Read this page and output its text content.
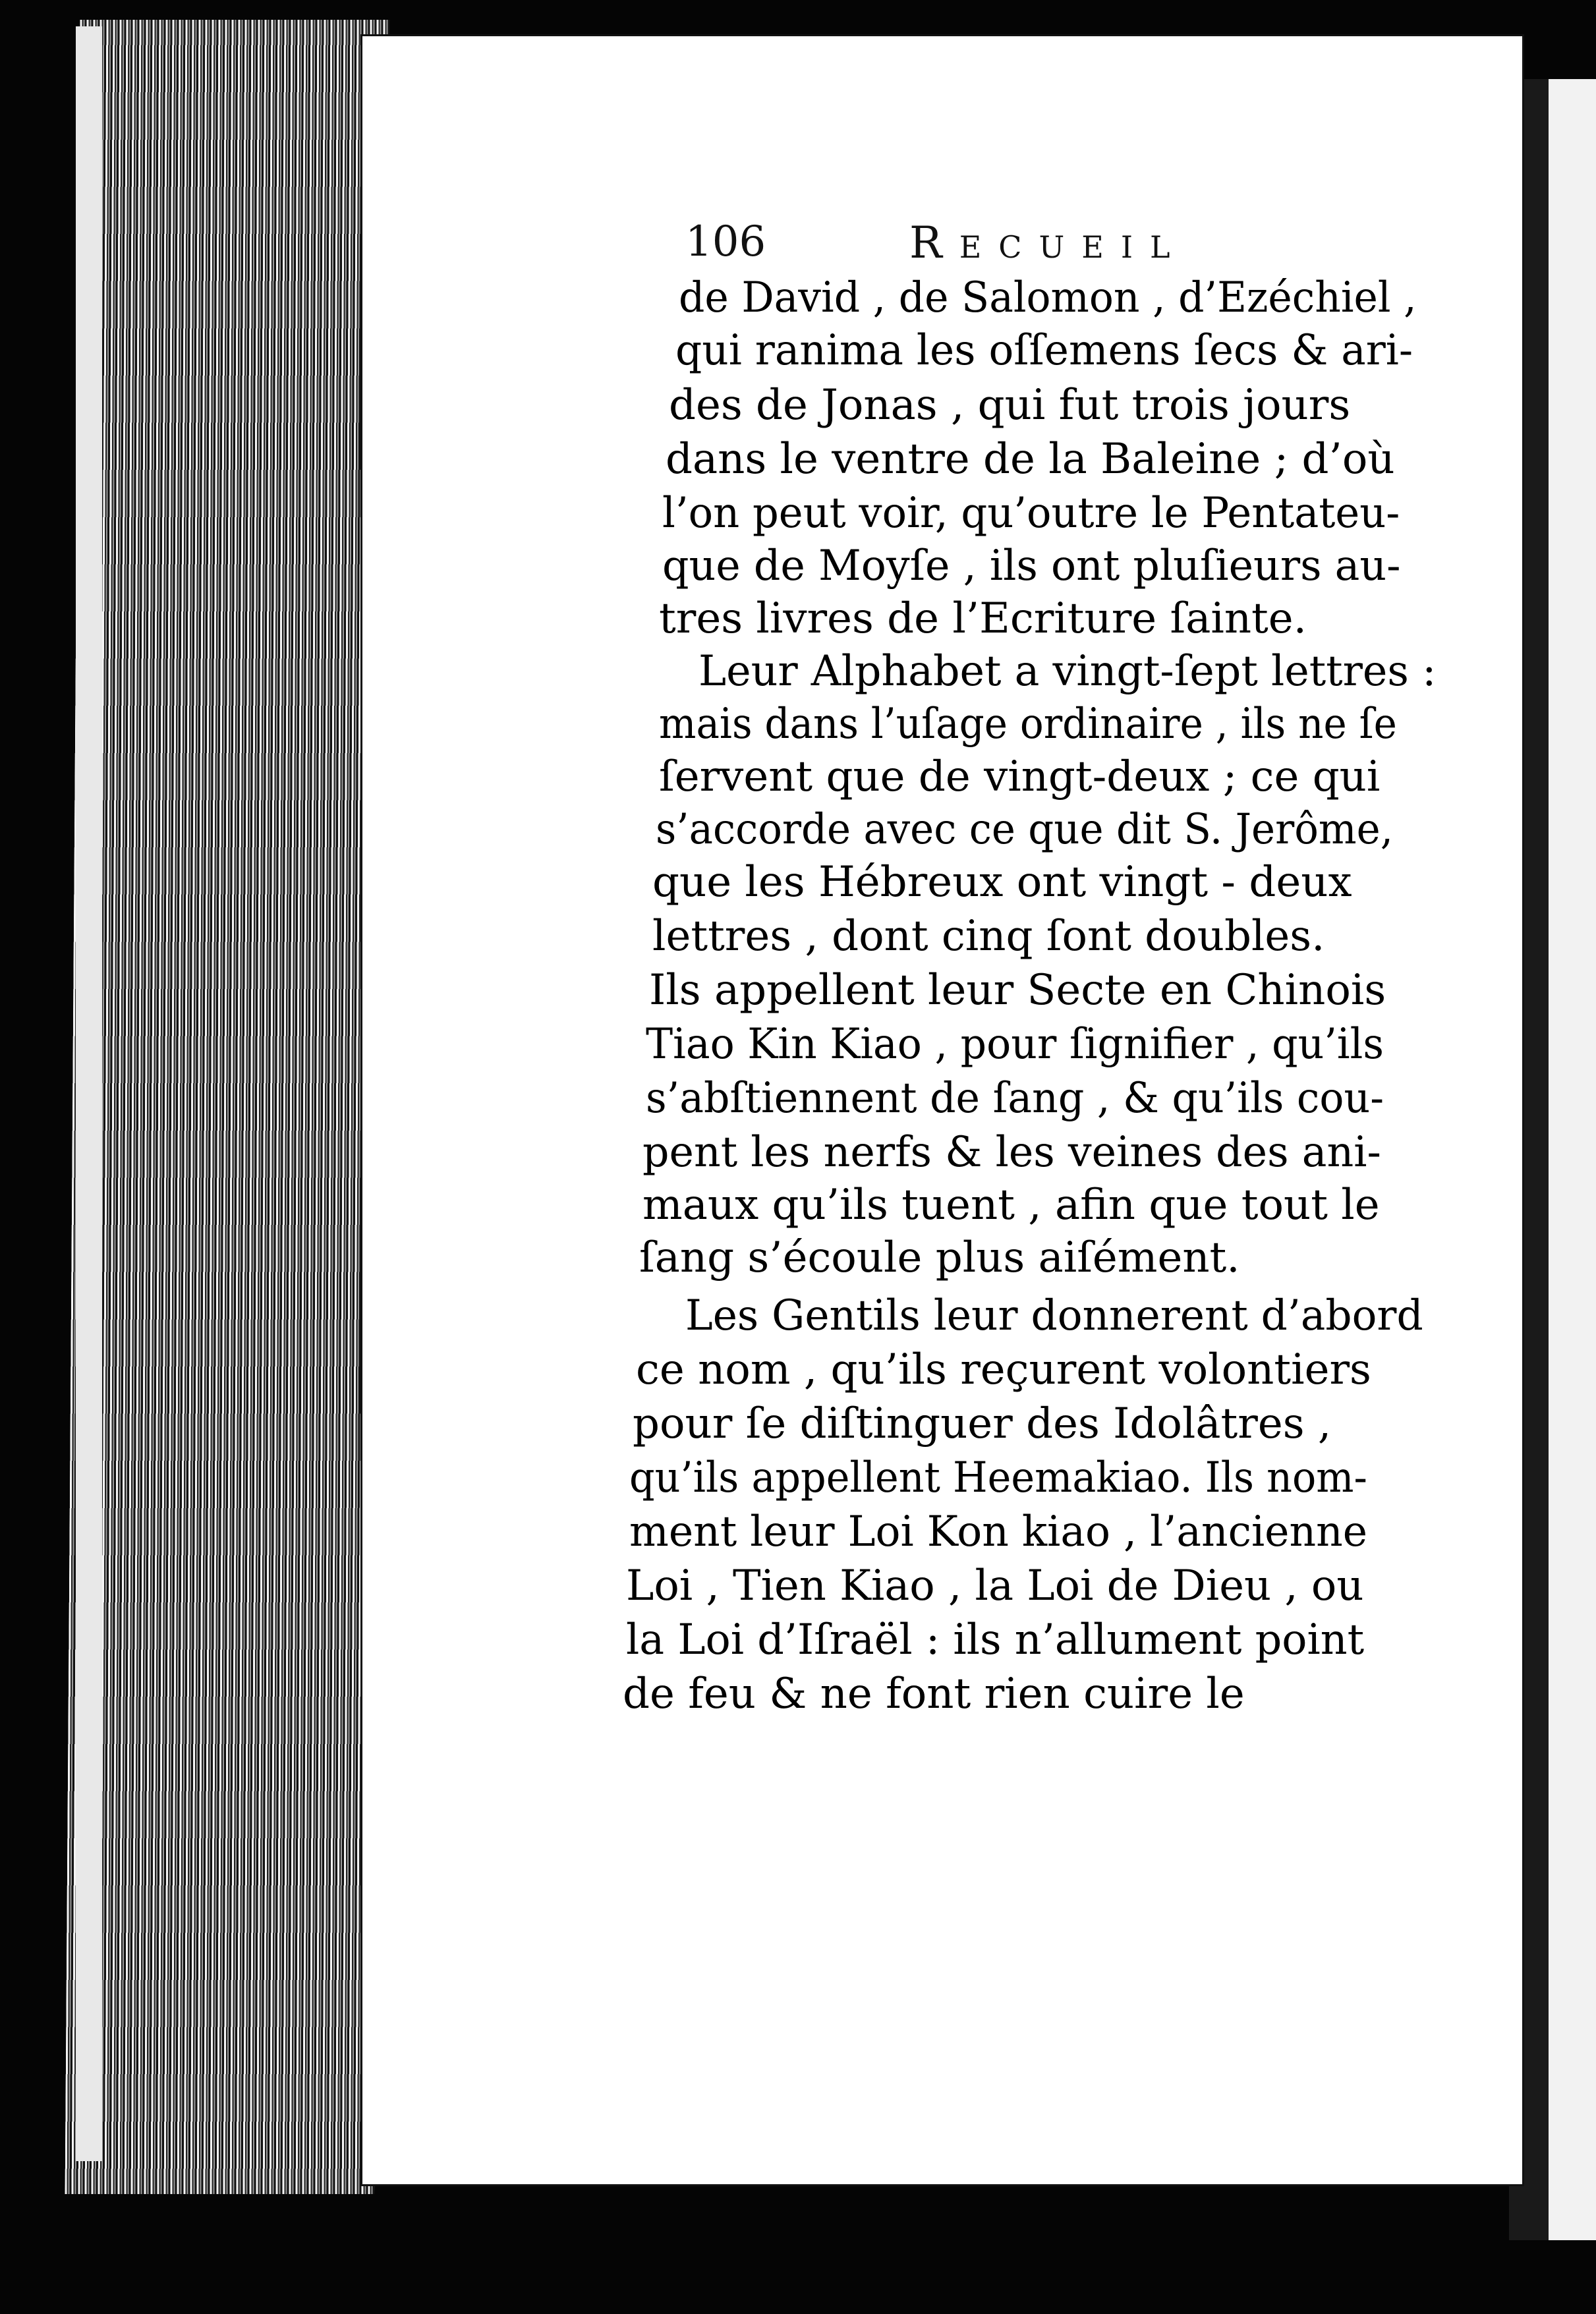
106	Recueil
de David , de Salomon , d’Ezéchiel ,
qui ranima les oſſemens ſecs & ari-
des de Jonas , qui fut trois jours
dans le ventre de la Baleine ; d’où
l’on peut voir, qu’outre le Pentateu-
que de Moyſe , ils ont pluſieurs au-
tres livres de l’Ecriture ſainte.
Leur Alphabet a vingt-ſept lettres :
mais dans l’uſage ordinaire , ils ne ſe
ſervent que de vingt-deux ; ce qui
s’accorde avec ce que dit S. Jerôme,
que les Hébreux ont vingt - deux
lettres , dont cinq ſont doubles.
Ils appellent leur Secte en Chinois
Tiao Kin Kiao , pour ſignifier , qu’ils
s’abſtiennent de ſang , & qu’ils cou-
pent les nerfs & les veines des ani-
maux qu’ils tuent , afin que tout le
ſang s’écoule plus aiſément.
Les Gentils leur donnerent d’abord
ce nom , qu’ils reçurent volontiers
pour ſe diſtinguer des Idolâtres ,
qu’ils appellent Heemakiao. Ils nom-
ment leur Loi Kon kiao , l’ancienne
Loi , Tien Kiao , la Loi de Dieu , ou
la Loi d’Iſraël : ils n’allument point
de feu & ne font rien cuire le
